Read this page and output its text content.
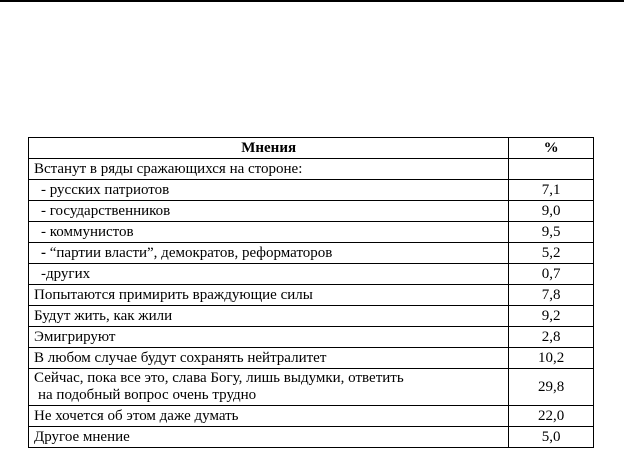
Мнения	%
Встанут в ряды сражающихся на стороне:	
- русских патриотов	7,1
- государственников	9,0
- коммунистов	9,5
- “партии власти”, демократов, реформаторов	5,2
-других	0,7
Попытаются примирить враждующие силы	7,8
Будут жить, как жили	9,2
Эмигрируют	2,8
В любом случае будут сохранять нейтралитет	10,2
Сейчас, пока все это, слава Богу, лишь выдумки, ответить
на подобный вопрос очень трудно	29,8
Не хочется об этом даже думать	22,0
Другое мнение	5,0
